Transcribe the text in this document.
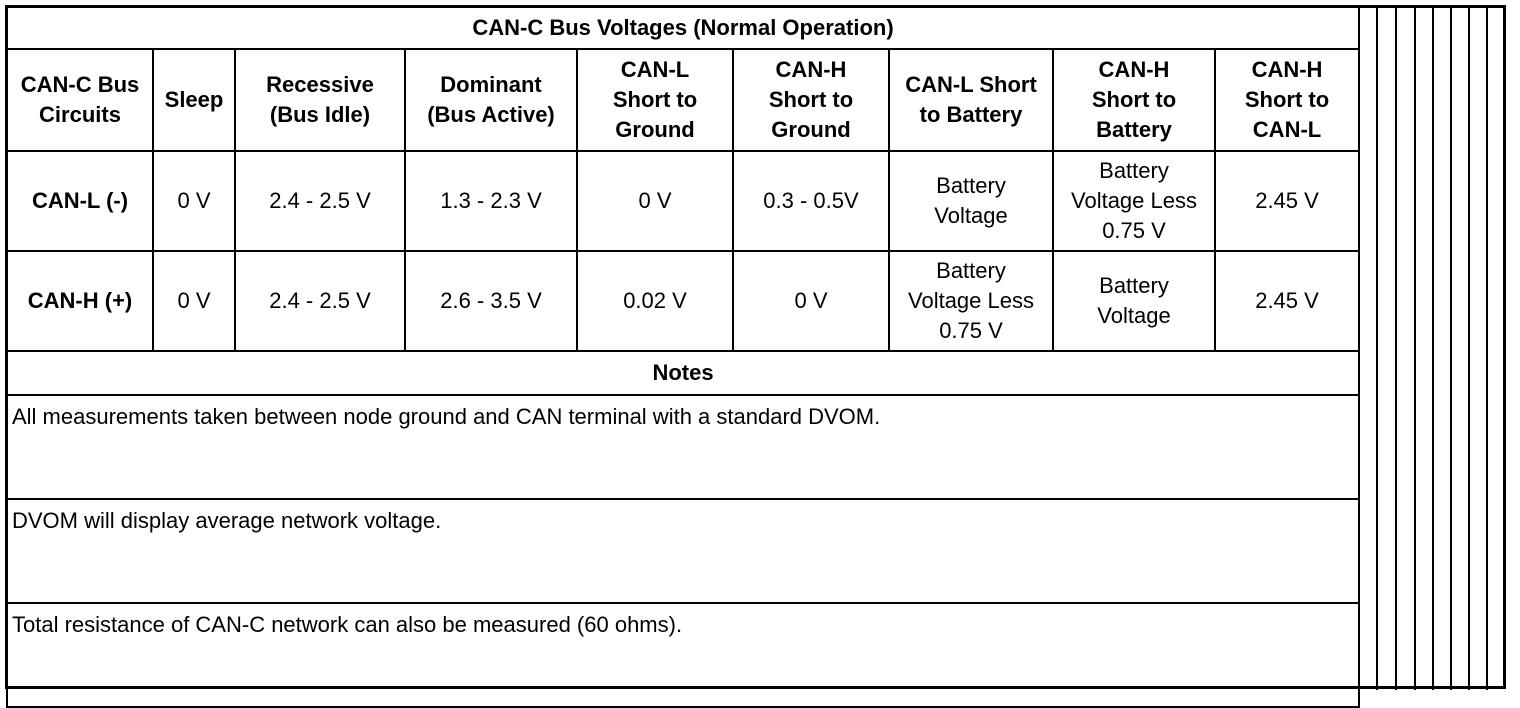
CAN-C Bus Voltages (Normal Operation)								

CAN-C Bus
Circuits	Sleep	Recessive
(Bus Idle)	Dominant
(Bus Active)	CAN-L
Short to
Ground	CAN-H
Short to
Ground	CAN-L Short
to Battery	CAN-H
Short to
Battery	CAN-H
Short to
CAN-L

CAN-L (-)	0 V	2.4 - 2.5 V	1.3 - 2.3 V	0 V	0.3 - 0.5V	Battery
Voltage	Battery
Voltage Less
0.75 V	2.45 V

CAN-H (+)	0 V	2.4 - 2.5 V	2.6 - 3.5 V	0.02 V	0 V	Battery
Voltage Less
0.75 V	Battery
Voltage	2.45 V

Notes								
All measurements taken between node ground and CAN terminal with a standard DVOM.								
DVOM will display average network voltage.								
Total resistance of CAN-C network can also be measured (60 ohms).								
